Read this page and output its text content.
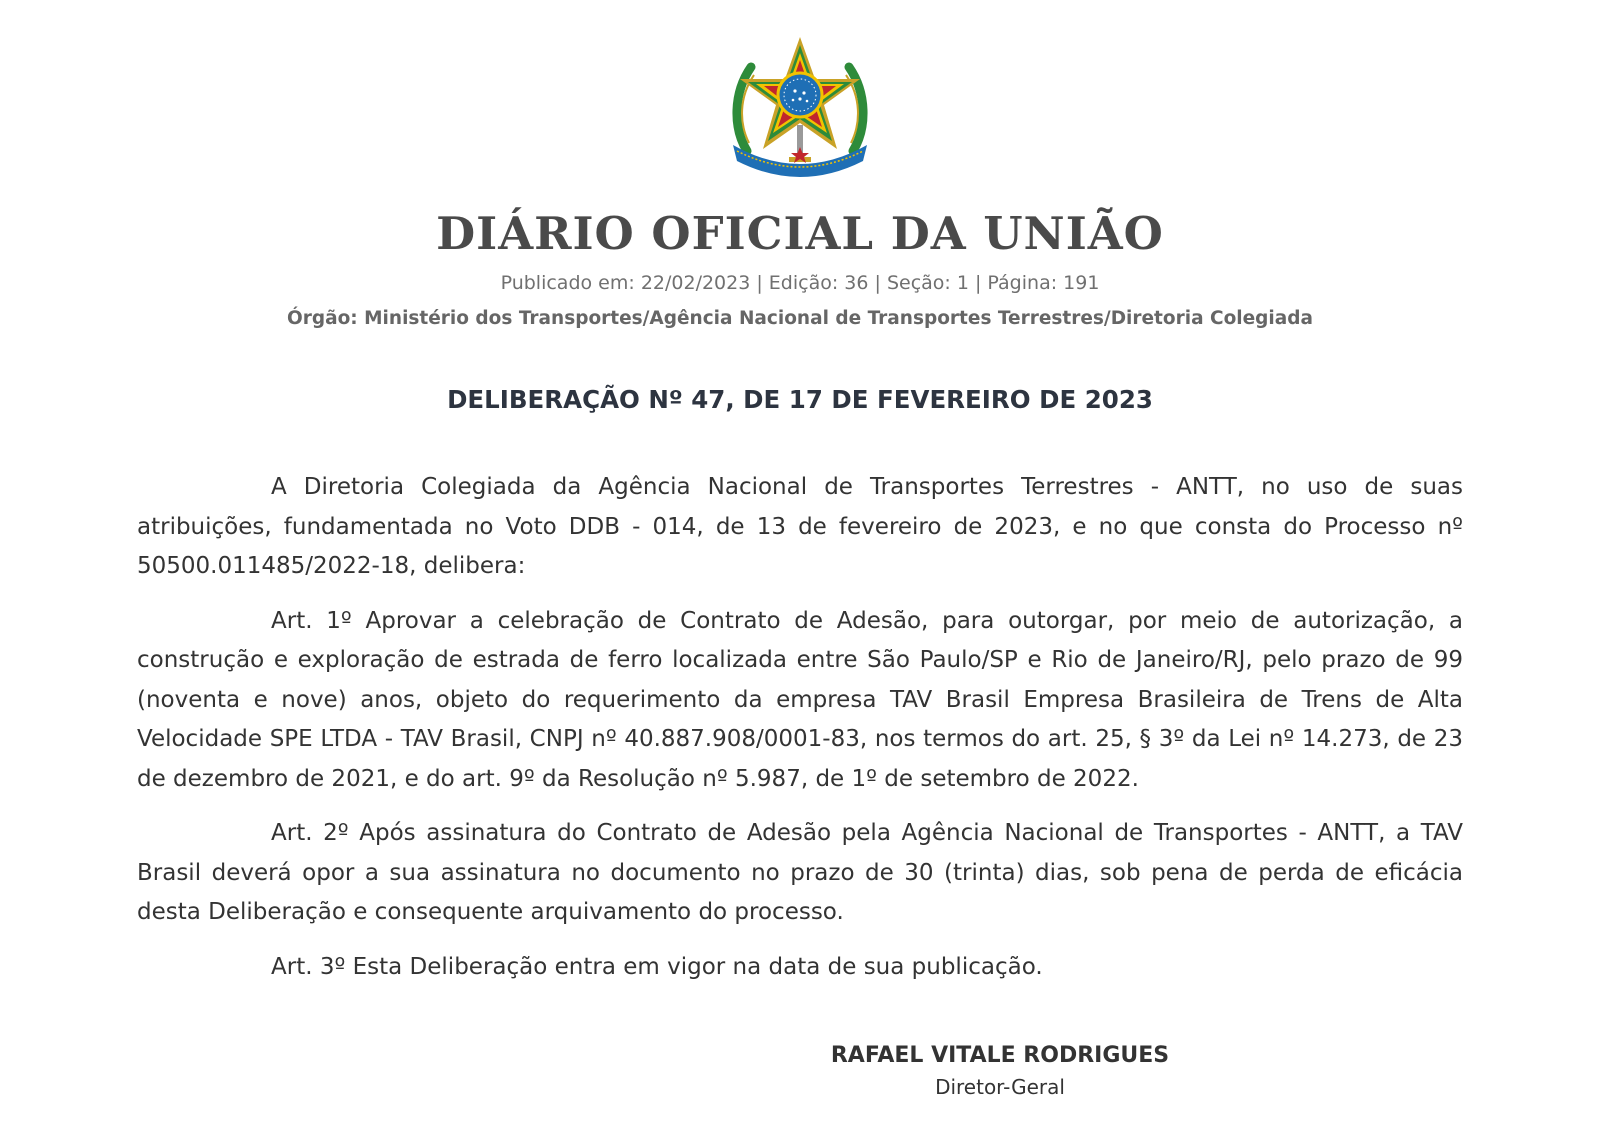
DIÁRIO OFICIAL DA UNIÃO
Publicado em: 22/02/2023 | Edição: 36 | Seção: 1 | Página: 191
Órgão: Ministério dos Transportes/Agência Nacional de Transportes Terrestres/Diretoria Colegiada
DELIBERAÇÃO Nº 47, DE 17 DE FEVEREIRO DE 2023

A Diretoria Colegiada da Agência Nacional de Transportes Terrestres - ANTT, no uso de suas atribuições, fundamentada no Voto DDB - 014, de 13 de fevereiro de 2023, e no que consta do Processo nº 50500.011485/2022-18, delibera:

Art. 1º Aprovar a celebração de Contrato de Adesão, para outorgar, por meio de autorização, a construção e exploração de estrada de ferro localizada entre São Paulo/SP e Rio de Janeiro/RJ, pelo prazo de 99 (noventa e nove) anos, objeto do requerimento da empresa TAV Brasil Empresa Brasileira de Trens de Alta Velocidade SPE LTDA - TAV Brasil, CNPJ nº 40.887.908/0001-83, nos termos do art. 25, § 3º da Lei nº 14.273, de 23 de dezembro de 2021, e do art. 9º da Resolução nº 5.987, de 1º de setembro de 2022.

Art. 2º Após assinatura do Contrato de Adesão pela Agência Nacional de Transportes - ANTT, a TAV Brasil deverá opor a sua assinatura no documento no prazo de 30 (trinta) dias, sob pena de perda de eficácia desta Deliberação e consequente arquivamento do processo.

Art. 3º Esta Deliberação entra em vigor na data de sua publicação.

RAFAEL VITALE RODRIGUES
Diretor-Geral
